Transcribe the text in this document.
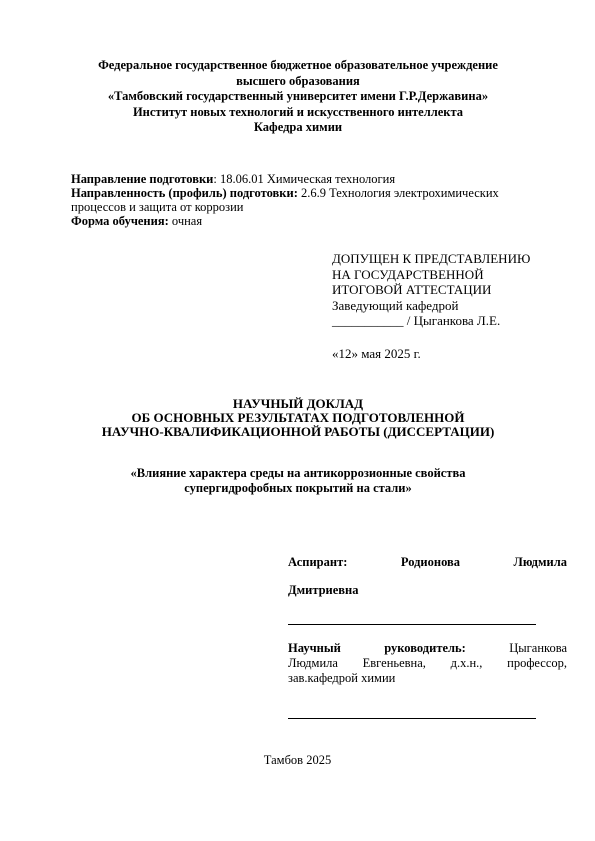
Федеральное государственное бюджетное образовательное учреждение
высшего образования
«Тамбовский государственный университет имени Г.Р.Державина»
Институт новых технологий и искусственного интеллекта
Кафедра химии
Направление подготовки: 18.06.01 Химическая технология
Направленность (профиль) подготовки: 2.6.9 Технология электрохимических
процессов и защита от коррозии
Форма обучения: очная
ДОПУЩЕН К ПРЕДСТАВЛЕНИЮ
НА ГОСУДАРСТВЕННОЙ
ИТОГОВОЙ АТТЕСТАЦИИ
Заведующий кафедрой
___________ / Цыганкова Л.Е.
«12» мая 2025 г.
НАУЧНЫЙ ДОКЛАД
ОБ ОСНОВНЫХ РЕЗУЛЬТАТАХ ПОДГОТОВЛЕННОЙ
НАУЧНО-КВАЛИФИКАЦИОННОЙ РАБОТЫ (ДИССЕРТАЦИИ)
«Влияние характера среды на антикоррозионные свойства
супергидрофобных покрытий на стали»
Аспирант:	Родионова	Людмила
Дмитриевна
Научный	руководитель:	Цыганкова
Людмила Евгеньевна, д.х.н., профессор,
зав.кафедрой химии
Тамбов 2025
